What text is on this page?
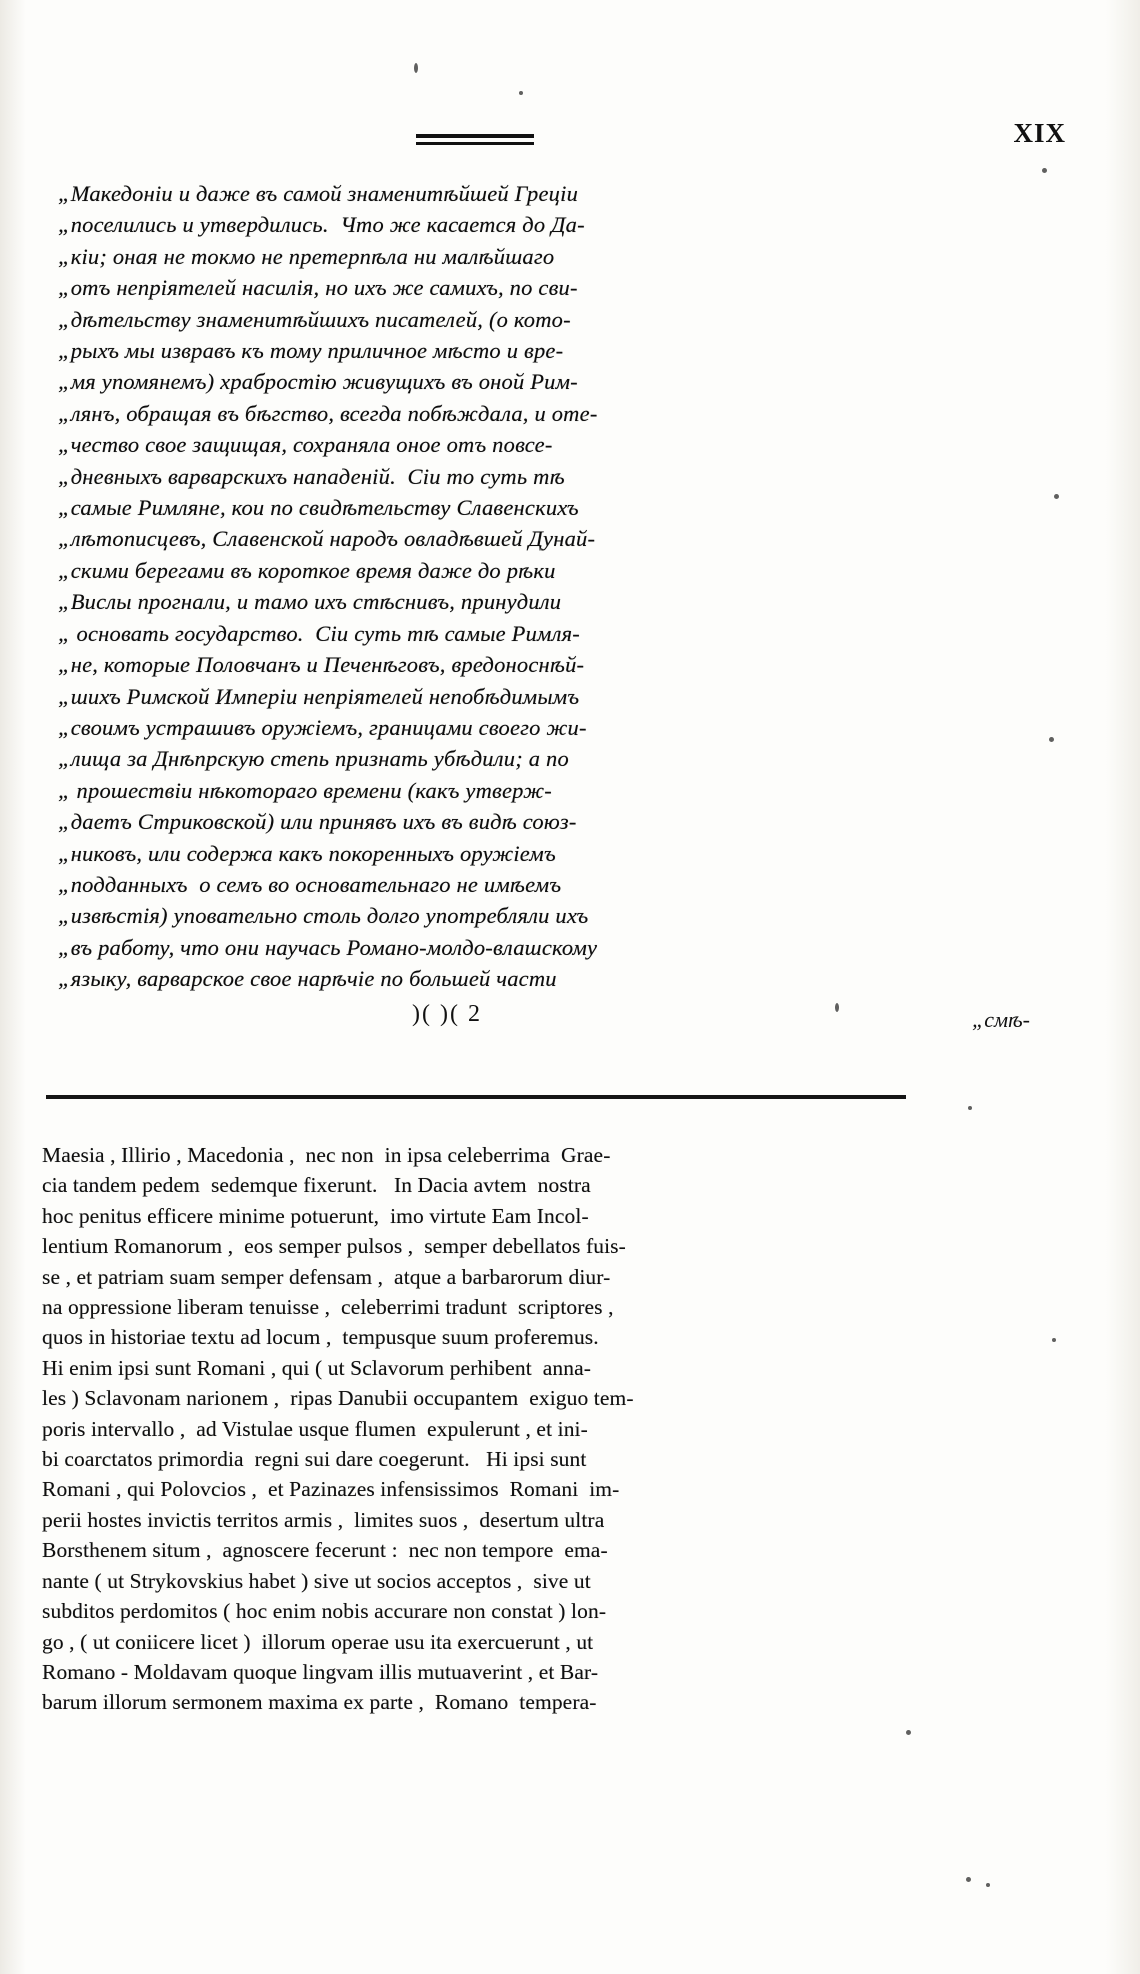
XIX
„Македонiи и даже въ самой знаменитѣйшей Грецiи
„поселились и утвердились.  Что же касается до Да-
„кiи; оная не токмо не претерпѣла ни малѣйшаго
„отъ непрiятелей насилiя, но ихъ же самихъ, по сви-
„дѣтельству знаменитѣйшихъ писателей, (о кото-
„рыхъ мы извравъ къ тому приличное мѣсто и вре-
„мя упомянемъ) храбростiю живущихъ въ оной Рим-
„лянъ, обращая въ бѣгство, всегда побѣждала, и оте-
„чество свое защищая, сохраняла оное отъ повсе-
„дневныхъ варварскихъ нападенiй.  Сiи то суть тѣ
„самые Римляне, кои по свидѣтельству Славенскихъ
„лѣтописцевъ, Славенской народъ овладѣвшей Дунай-
„скими берегами въ короткое время даже до рѣки
„Вислы прогнали, и тамо ихъ стѣснивъ, принудили
„ основать государство.  Сiи суть тѣ самые Римля-
„не, которые Половчанъ и Печенѣговъ, вредоноснѣй-
„шихъ Римской Имперiи непрiятелей непобѣдимымъ
„своимъ устрашивъ оружiемъ, границами своего жи-
„лища за Днѣпрскую степь признать убѣдили; а по
„ прошествiи нѣкотораго времени (какъ утверж-
„даетъ Стриковской) или принявъ ихъ въ видѣ союз-
„никовъ, или содержа какъ покоренныхъ оружiемъ
„подданныхъ  о семъ во основательнаго не имѣемъ
„извѣстiя) уповательно столь долго употребляли ихъ
„въ работу, что они научась Романо-молдо-влашскому
„языку, варварское свое нарѣчiе по большей части
)( )( 2	„смѣ-
Maesia , Illirio , Macedonia ,  nec non  in ipsa celeberrima  Grae-
cia tandem pedem  sedemque fixerunt.   In Dacia avtem  nostra
hoc penitus efficere minime potuerunt,  imo virtute Eam Incol-
lentium Romanorum ,  eos semper pulsos ,  semper debellatos fuis-
se , et patriam suam semper defensam ,  atque a barbarorum diur-
na oppressione liberam tenuisse ,  celeberrimi tradunt  scriptores ,
quos in historiae textu ad locum ,  tempusque suum proferemus.
Hi enim ipsi sunt Romani , qui ( ut Sclavorum perhibent  anna-
les ) Sclavonam narionem ,  ripas Danubii occupantem  exiguo tem-
poris intervallo ,  ad Vistulae usque flumen  expulerunt , et ini-
bi coarctatos primordia  regni sui dare coegerunt.   Hi ipsi sunt
Romani , qui Polovcios ,  et Pazinazes infensissimos  Romani  im-
perii hostes invictis territos armis ,  limites suos ,  desertum ultra
Borsthenem situm ,  agnoscere fecerunt :  nec non tempore  ema-
nante ( ut Strykovskius habet ) sive ut socios acceptos ,  sive ut
subditos perdomitos ( hoc enim nobis accurare non constat ) lon-
go , ( ut coniicere licet )  illorum operae usu ita exercuerunt , ut
Romano - Moldavam quoque lingvam illis mutuaverint , et Bar-
barum illorum sermonem maxima ex parte ,  Romano  tempera-
